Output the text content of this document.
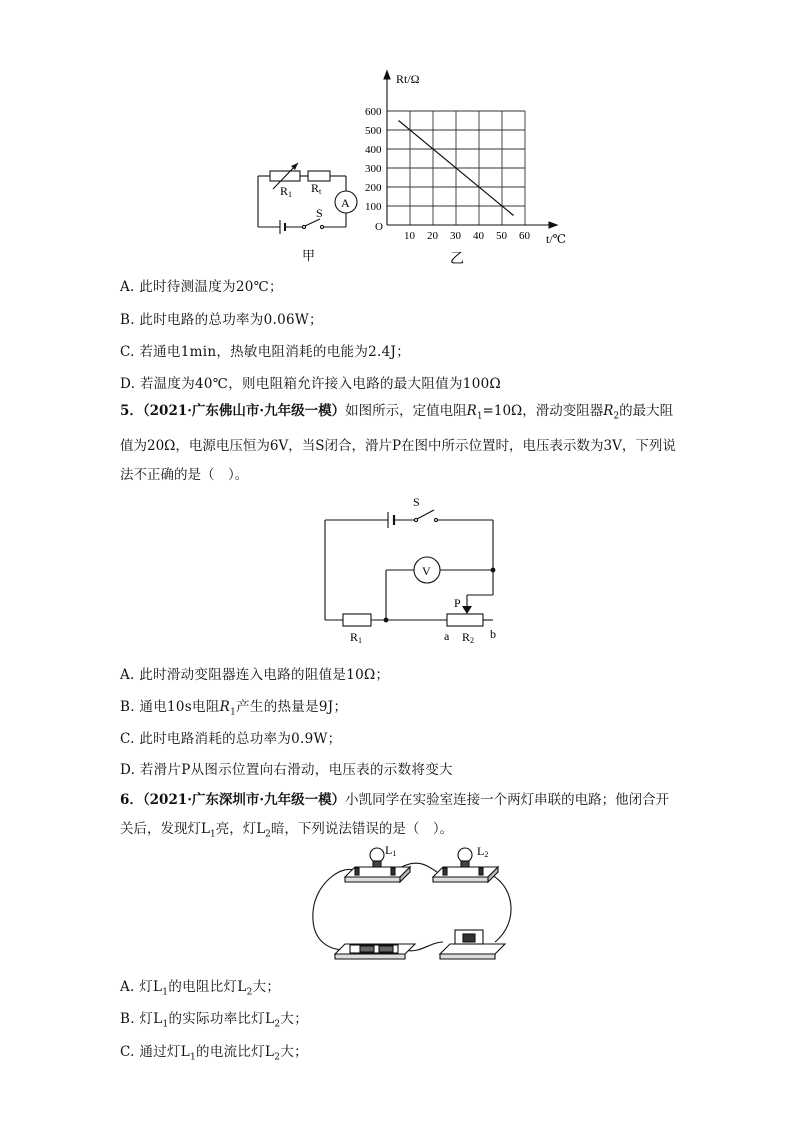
R1 Rt
A
S
甲
10 20 30 40 50 60
100
200
300
400
500
600
Rt/Ω
t/℃
O
乙
A. 此时待测温度为20℃；
B. 此时电路的总功率为0.06W；
C. 若通电1min，热敏电阻消耗的电能为2.4J；
D. 若温度为40℃，则电阻箱允许接入电路的最大阻值为100Ω
5．（2021·广东佛山市·九年级一模）如图所示，定值电阻$R_1=10\Omega$，滑动变阻器$R_2$的最大阻值为20Ω，电源电压恒为6V，当S闭合，滑片P在图中所示位置时，电压表示数为3V，下列说法不正确的是（　）。
S
V
P
R1	a R2 b
A. 此时滑动变阻器连入电路的阻值是10Ω；
B. 通电10s电阻$R_1$产生的热量是9J；
C. 此时电路消耗的总功率为0.9W；
D. 若滑片P从图示位置向右滑动，电压表的示数将变大
6．（2021·广东深圳市·九年级一模）小凯同学在实验室连接一个两灯串联的电路；他闭合开关后，发现灯$L_1$亮，灯$L_2$暗，下列说法错误的是（　）。
L1	L2
A. 灯$L_1$的电阻比灯$L_2$大；
B. 灯$L_1$的实际功率比灯$L_2$大；
C. 通过灯$L_1$的电流比灯$L_2$大；
